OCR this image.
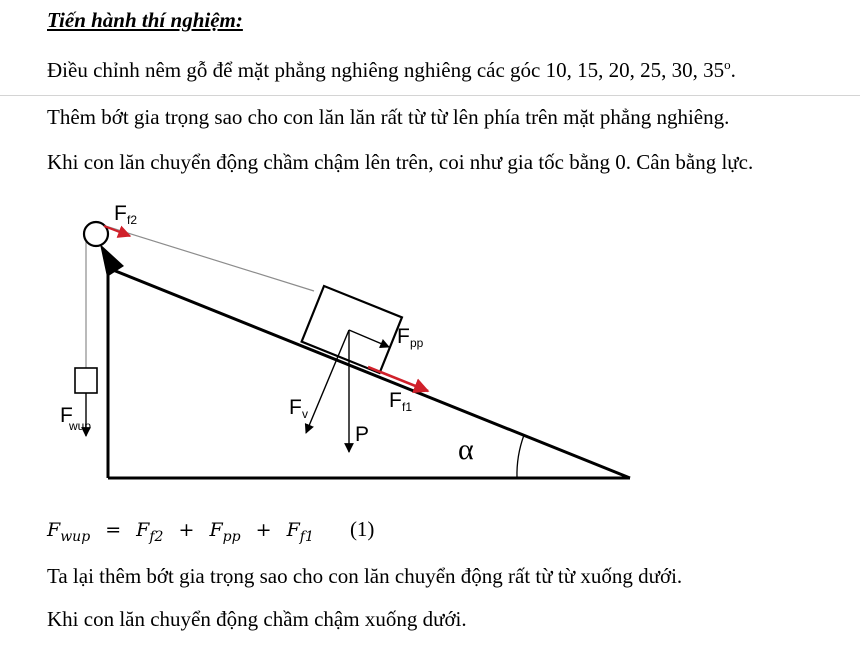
Tiến hành thí nghiệm:
Điều chỉnh nêm gỗ để mặt phẳng nghiêng nghiêng các góc 10, 15, 20, 25, 30, 35$^o$.
Thêm bớt gia trọng sao cho con lăn lăn rất từ từ lên phía trên mặt phẳng nghiêng.
Khi con lăn chuyển động chầm chậm lên trên, coi như gia tốc bằng 0. Cân bằng lực.
F f2
F pp
F f1
F v
P
F
wup
α
$F_{wup} = F_{f2} + F_{pp} + F_{f1}$ (1)
Ta lại thêm bớt gia trọng sao cho con lăn chuyển động rất từ từ xuống dưới.
Khi con lăn chuyển động chầm chậm xuống dưới.
